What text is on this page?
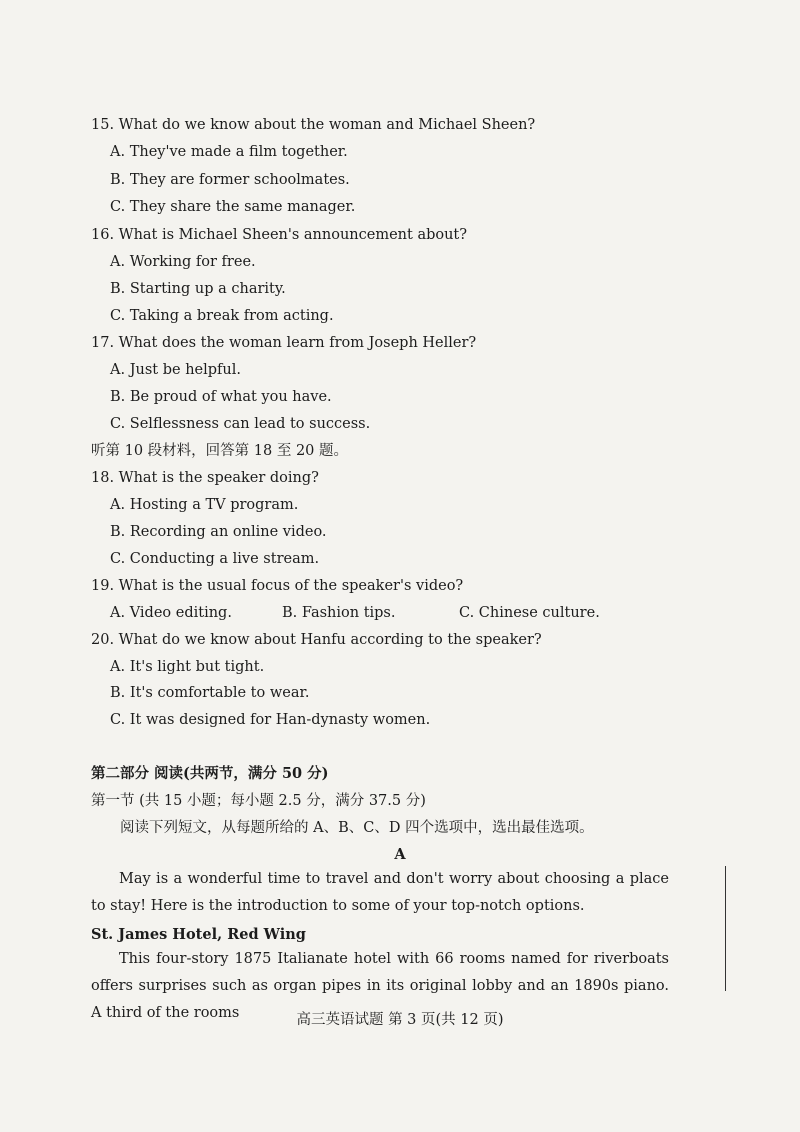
15. What do we know about the woman and Michael Sheen?
A. They've made a film together.
B. They are former schoolmates.
C. They share the same manager.
16. What is Michael Sheen's announcement about?
A. Working for free.
B. Starting up a charity.
C. Taking a break from acting.
17. What does the woman learn from Joseph Heller?
A. Just be helpful.
B. Be proud of what you have.
C. Selflessness can lead to success.
听第 10 段材料，回答第 18 至 20 题。
18. What is the speaker doing?
A. Hosting a TV program.
B. Recording an online video.
C. Conducting a live stream.
19. What is the usual focus of the speaker's video?
A. Video editing.	B. Fashion tips.	C. Chinese culture.
20. What do we know about Hanfu according to the speaker?
A. It's light but tight.
B. It's comfortable to wear.
C. It was designed for Han-dynasty women.
第二部分 阅读(共两节，满分 50 分)
第一节 (共 15 小题；每小题 2.5 分，满分 37.5 分)
阅读下列短文，从每题所给的 A、B、C、D 四个选项中，选出最佳选项。
A
May is a wonderful time to travel and don't worry about choosing a place to stay! Here is the introduction to some of your top-notch options.
St. James Hotel, Red Wing
This four-story 1875 Italianate hotel with 66 rooms named for riverboats offers surprises such as organ pipes in its original lobby and an 1890s piano. A third of the rooms	高三英语试题 第 3 页(共 12 页)
